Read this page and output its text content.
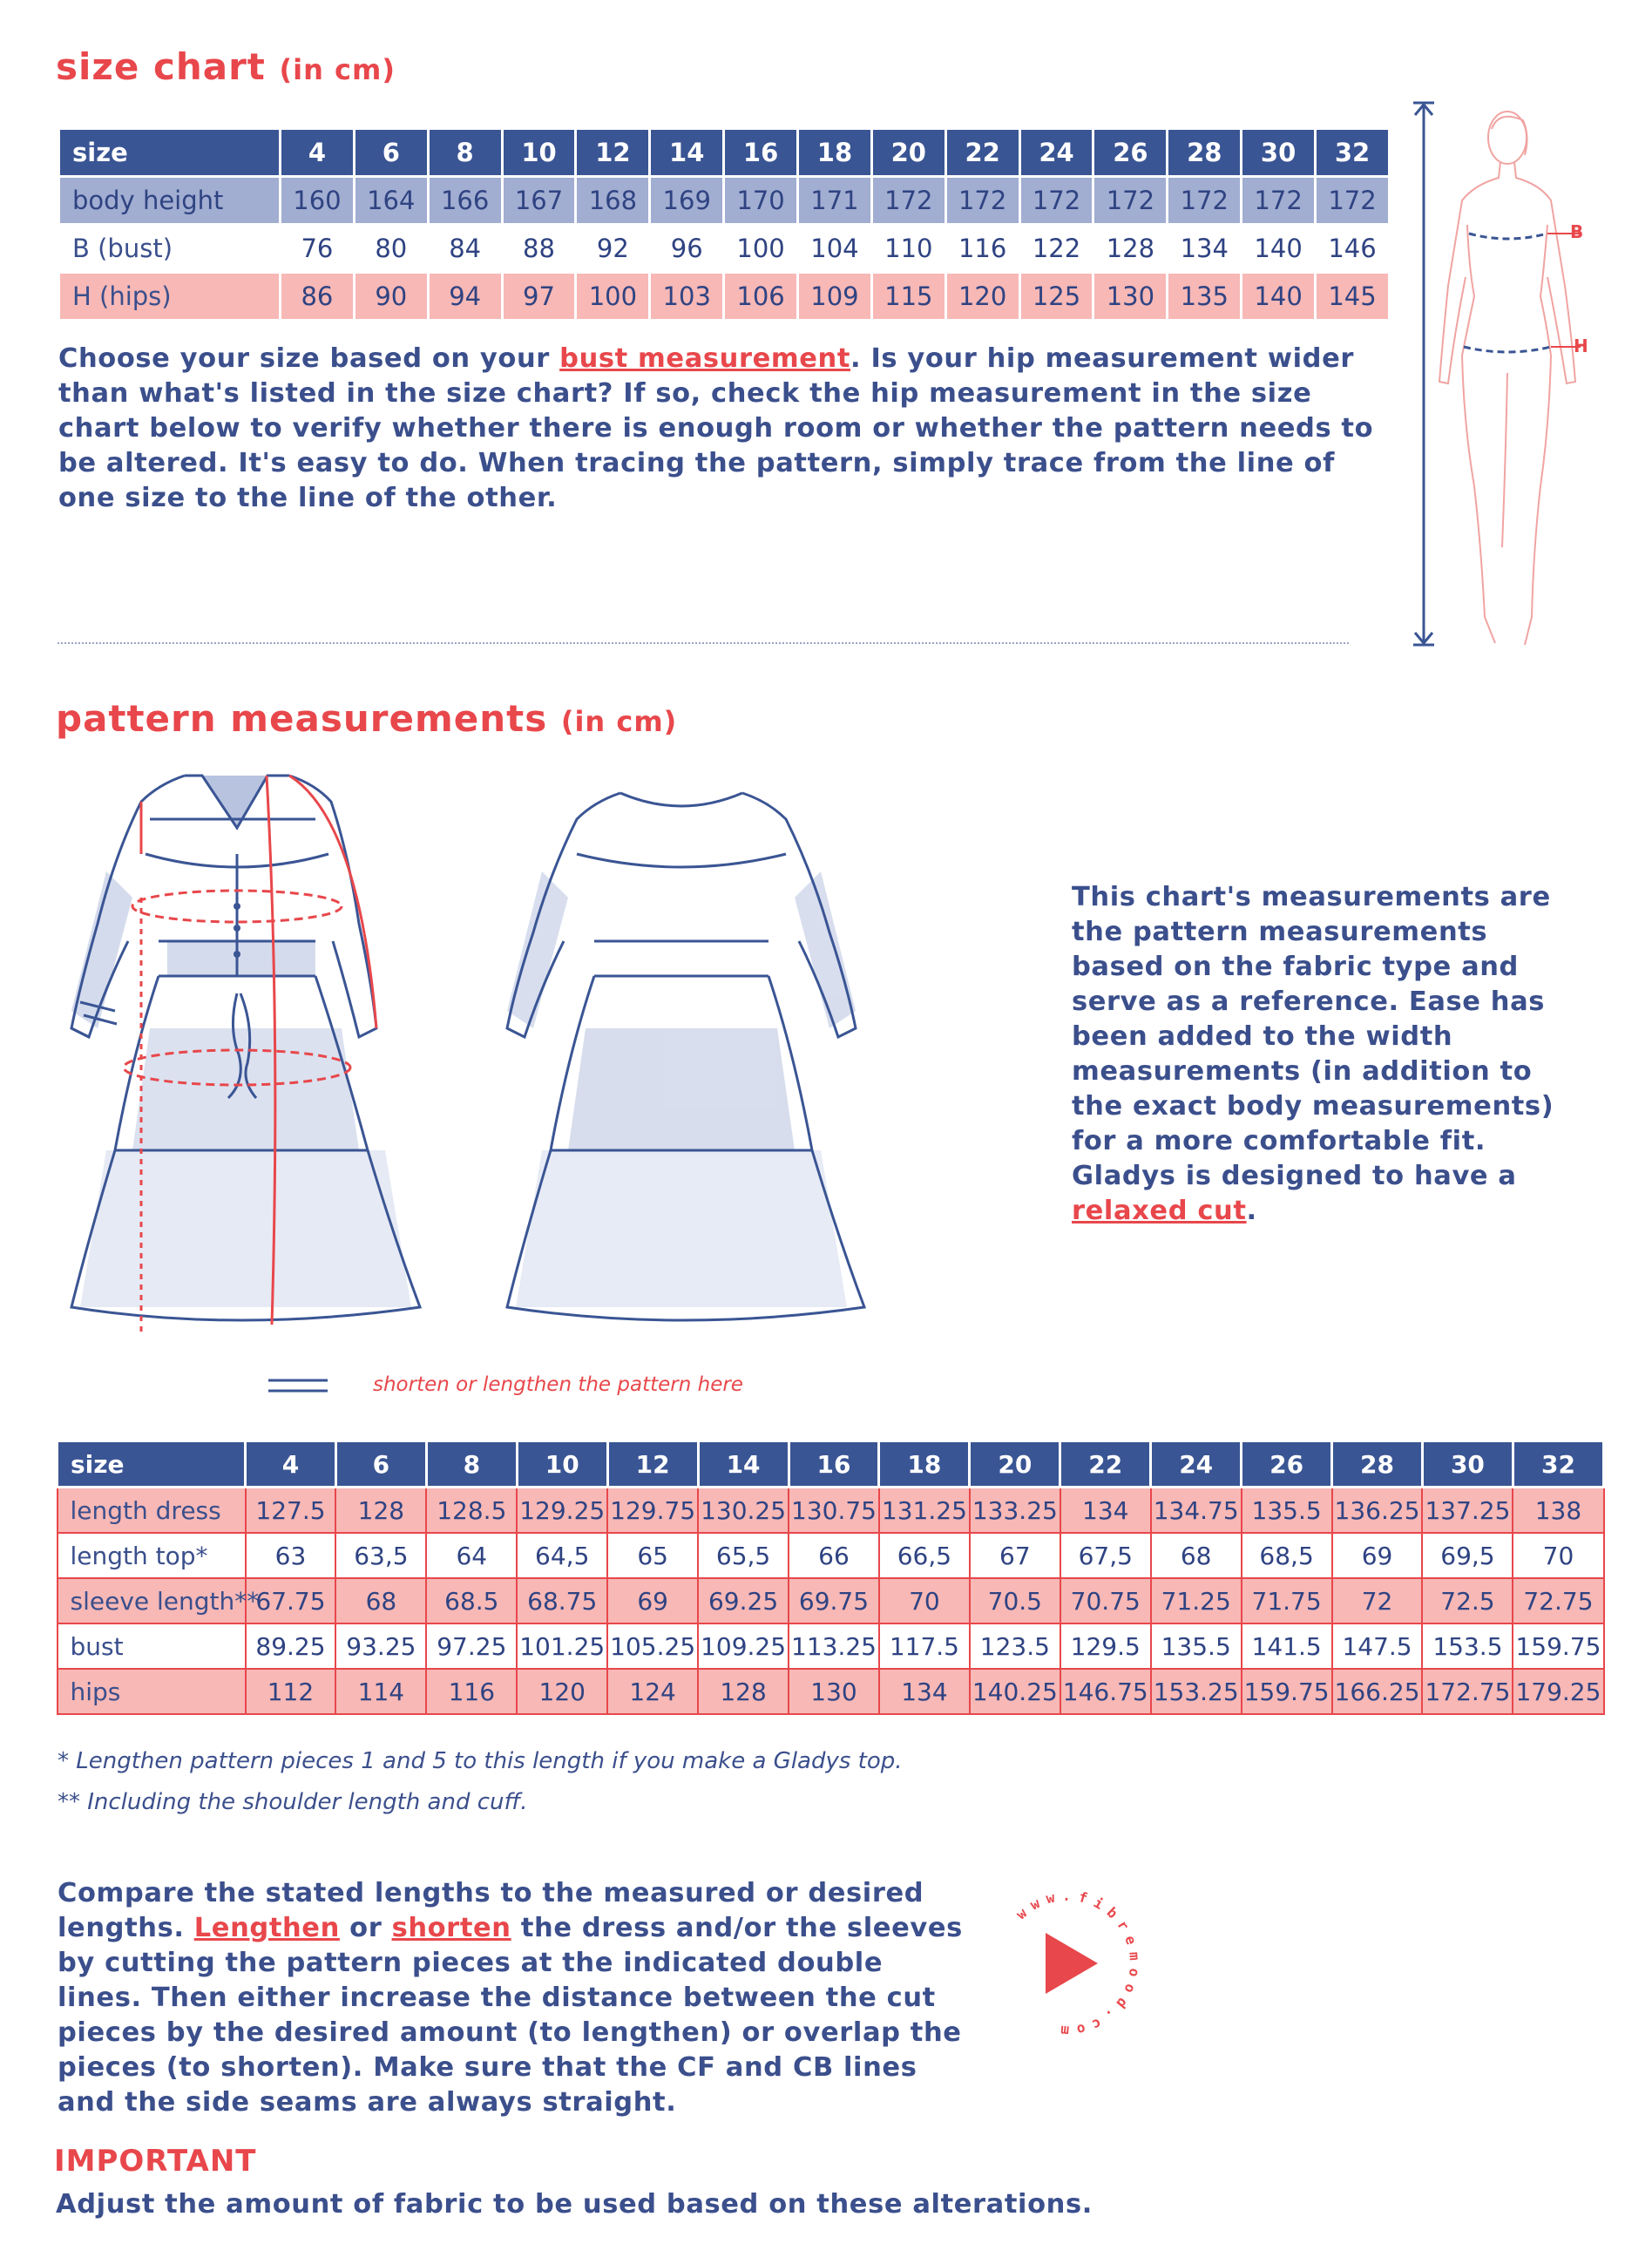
size chart (in cm)
size	4	6	8	10	12	14	16	18	20	22	24	26	28	30	32
body height	160	164	166	167	168	169	170	171	172	172	172	172	172	172	172
B (bust)	76	80	84	88	92	96	100	104	110	116	122	128	134	140	146
H (hips)	86	90	94	97	100	103	106	109	115	120	125	130	135	140	145
Choose your size based on your bust measurement. Is your hip measurement wider than what's listed in the size chart? If so, check the hip measurement in the size chart below to verify whether there is enough room or whether the pattern needs to be altered. It's easy to do. When tracing the pattern, simply trace from the line of one size to the line of the other.
B
H
pattern measurements (in cm)
shorten or lengthen the pattern here
This chart's measurements are the pattern measurements based on the fabric type and serve as a reference. Ease has been added to the width measurements (in addition to the exact body measurements) for a more comfortable fit. Gladys is designed to have a relaxed cut.
size	4	6	8	10	12	14	16	18	20	22	24	26	28	30	32
length dress	127.5	128	128.5	129.25	129.75	130.25	130.75	131.25	133.25	134	134.75	135.5	136.25	137.25	138
length top*	63	63,5	64	64,5	65	65,5	66	66,5	67	67,5	68	68,5	69	69,5	70
sleeve length**	67.75	68	68.5	68.75	69	69.25	69.75	70	70.5	70.75	71.25	71.75	72	72.5	72.75
bust	89.25	93.25	97.25	101.25	105.25	109.25	113.25	117.5	123.5	129.5	135.5	141.5	147.5	153.5	159.75
hips	112	114	116	120	124	128	130	134	140.25	146.75	153.25	159.75	166.25	172.75	179.25
* Lengthen pattern pieces 1 and 5 to this length if you make a Gladys top.
** Including the shoulder length and cuff.
Compare the stated lengths to the measured or desired lengths. Lengthen or shorten the dress and/or the sleeves by cutting the pattern pieces at the indicated double lines. Then either increase the distance between the cut pieces by the desired amount (to lengthen) or overlap the pieces (to shorten). Make sure that the CF and CB lines and the side seams are always straight.
www.fibremood.com
IMPORTANT
Adjust the amount of fabric to be used based on these alterations.
